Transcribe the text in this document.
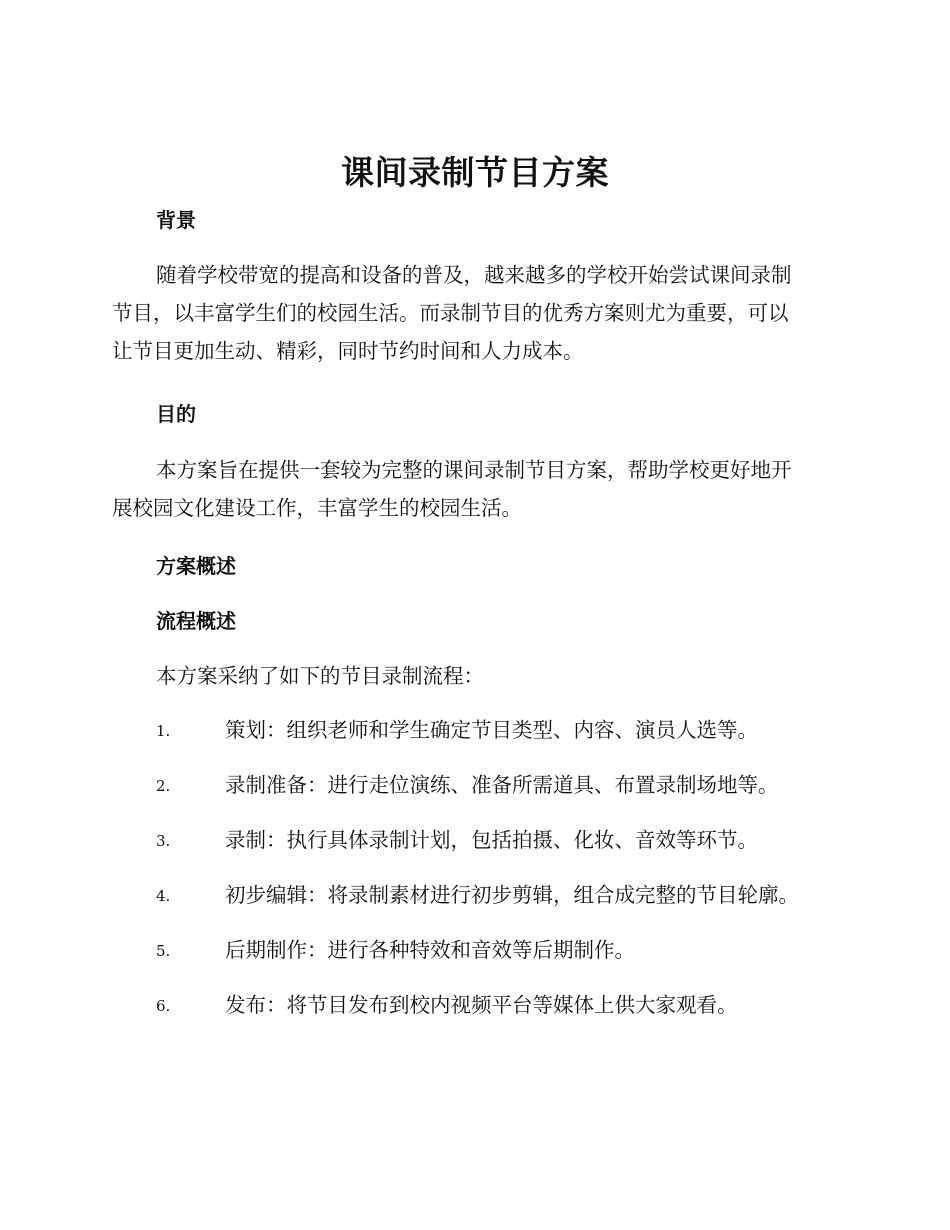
课间录制节目方案
背景

随着学校带宽的提高和设备的普及，越来越多的学校开始尝试课间录制
节目，以丰富学生们的校园生活。而录制节目的优秀方案则尤为重要，可以
让节目更加生动、精彩，同时节约时间和人力成本。

目的

本方案旨在提供一套较为完整的课间录制节目方案，帮助学校更好地开
展校园文化建设工作，丰富学生的校园生活。

方案概述
流程概述
本方案采纳了如下的节目录制流程：
1.	策划：组织老师和学生确定节目类型、内容、演员人选等。
2.	录制准备：进行走位演练、准备所需道具、布置录制场地等。
3.	录制：执行具体录制计划，包括拍摄、化妆、音效等环节。
4.	初步编辑：将录制素材进行初步剪辑，组合成完整的节目轮廓。
5.	后期制作：进行各种特效和音效等后期制作。
6.	发布：将节目发布到校内视频平台等媒体上供大家观看。
